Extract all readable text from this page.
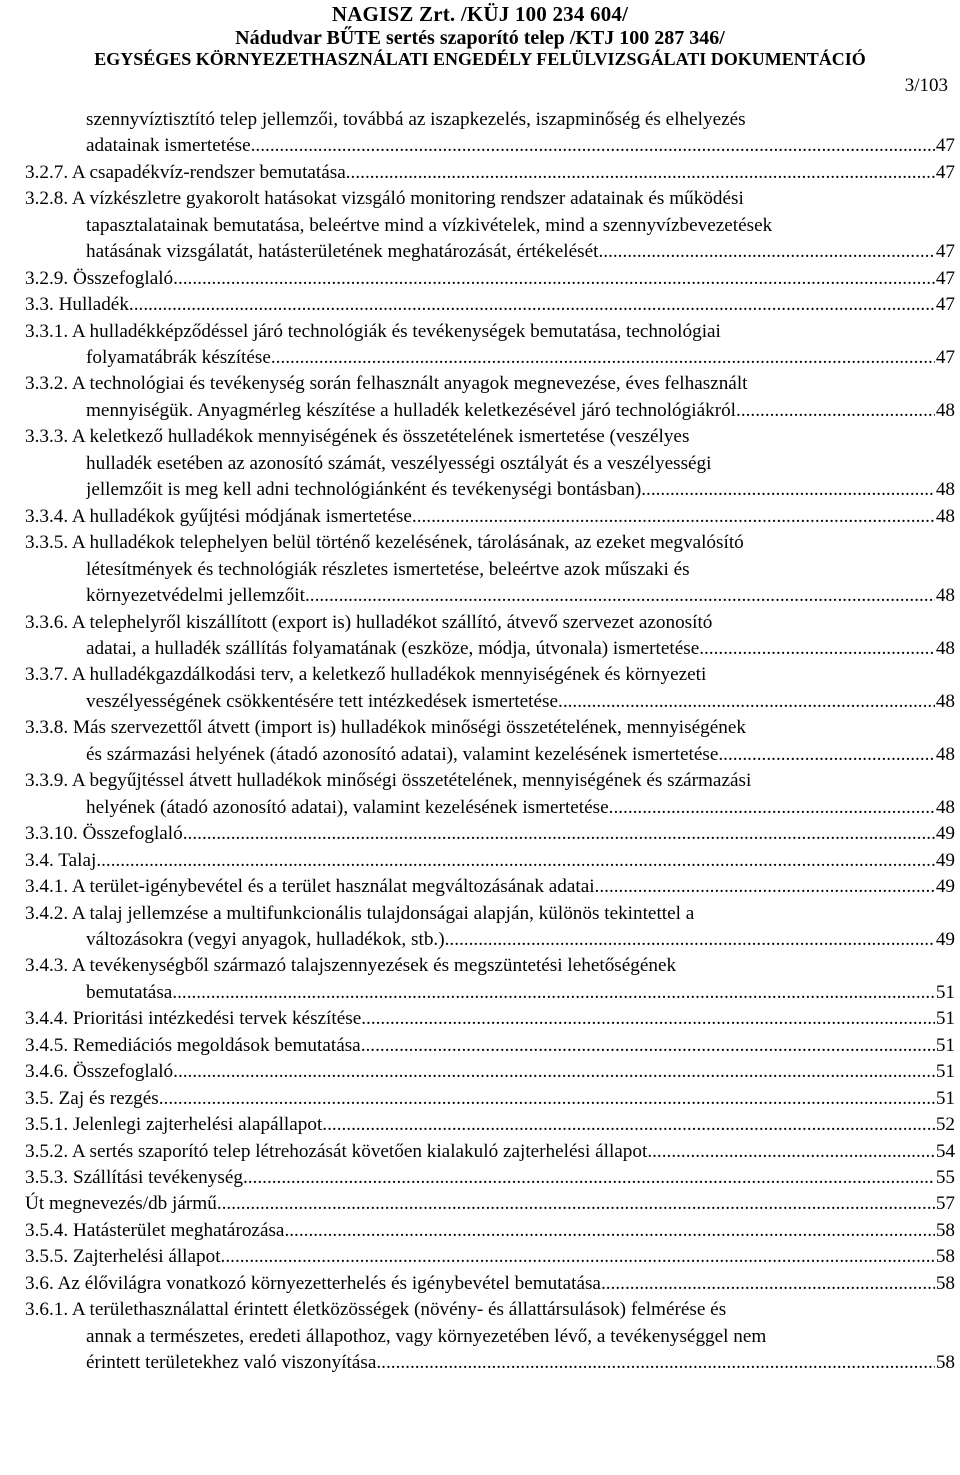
NAGISZ Zrt. /KÜJ 100 234 604/
Nádudvar BŰTE sertés szaporító telep /KTJ 100 287 346/
EGYSÉGES KÖRNYEZETHASZNÁLATI ENGEDÉLY FELÜLVIZSGÁLATI DOKUMENTÁCIÓ
3/103
szennyvíztisztító telep jellemzői, továbbá az iszapkezelés, iszapminőség és elhelyezés
adatainak ismertetése .....	47
3.2.7. A csapadékvíz-rendszer bemutatása .....	47
3.2.8. A vízkészletre gyakorolt hatásokat vizsgáló monitoring rendszer adatainak és működési
tapasztalatainak bemutatása, beleértve mind a vízkivételek, mind a szennyvízbevezetések
hatásának vizsgálatát, hatásterületének meghatározását, értékelését .....	47
3.2.9. Összefoglaló .....	47
3.3. Hulladék .....	47
3.3.1. A hulladékképződéssel járó technológiák és tevékenységek bemutatása, technológiai
folyamatábrák készítése .....	47
3.3.2. A technológiai és tevékenység során felhasznált anyagok megnevezése, éves felhasznált
mennyiségük. Anyagmérleg készítése a hulladék keletkezésével járó technológiákról .....	48
3.3.3. A keletkező hulladékok mennyiségének és összetételének ismertetése (veszélyes
hulladék esetében az azonosító számát, veszélyességi osztályát és a veszélyességi
jellemzőit is meg kell adni technológiánként és tevékenységi bontásban) .....	48
3.3.4. A hulladékok gyűjtési módjának ismertetése .....	48
3.3.5. A hulladékok telephelyen belül történő kezelésének, tárolásának, az ezeket megvalósító
létesítmények és technológiák részletes ismertetése, beleértve azok műszaki és
környezetvédelmi jellemzőit .....	48
3.3.6. A telephelyről kiszállított (export is) hulladékot szállító, átvevő szervezet azonosító
adatai, a hulladék szállítás folyamatának (eszköze, módja, útvonala) ismertetése. .....	48
3.3.7. A hulladékgazdálkodási terv, a keletkező hulladékok mennyiségének és környezeti
veszélyességének csökkentésére tett intézkedések ismertetése .....	48
3.3.8. Más szervezettől átvett (import is) hulladékok minőségi összetételének, mennyiségének
és származási helyének (átadó azonosító adatai), valamint kezelésének ismertetése .....	48
3.3.9. A begyűjtéssel átvett hulladékok minőségi összetételének, mennyiségének és származási
helyének (átadó azonosító adatai), valamint kezelésének ismertetése .....	48
3.3.10. Összefoglaló .....	49
3.4. Talaj .....	49
3.4.1. A terület-igénybevétel és a terület használat megváltozásának adatai .....	49
3.4.2. A talaj jellemzése a multifunkcionális tulajdonságai alapján, különös tekintettel a
változásokra (vegyi anyagok, hulladékok, stb.) .....	49
3.4.3. A tevékenységből származó talajszennyezések és megszüntetési lehetőségének
bemutatása .....	51
3.4.4. Prioritási intézkedési tervek készítése .....	51
3.4.5. Remediációs megoldások bemutatása .....	51
3.4.6. Összefoglaló .....	51
3.5. Zaj és rezgés .....	51
3.5.1. Jelenlegi zajterhelési alapállapot .....	52
3.5.2. A sertés szaporító telep létrehozását követően kialakuló zajterhelési állapot. .....	54
3.5.3. Szállítási tevékenység .....	55
Út megnevezés/db jármű .....	57
3.5.4. Hatásterület meghatározása .....	58
3.5.5. Zajterhelési állapot .....	58
3.6. Az élővilágra vonatkozó környezetterhelés és igénybevétel bemutatása .....	58
3.6.1. A területhasználattal érintett életközösségek (növény- és állattársulások) felmérése és
annak a természetes, eredeti állapothoz, vagy környezetében lévő, a tevékenységgel nem
érintett területekhez való viszonyítása .....	58
